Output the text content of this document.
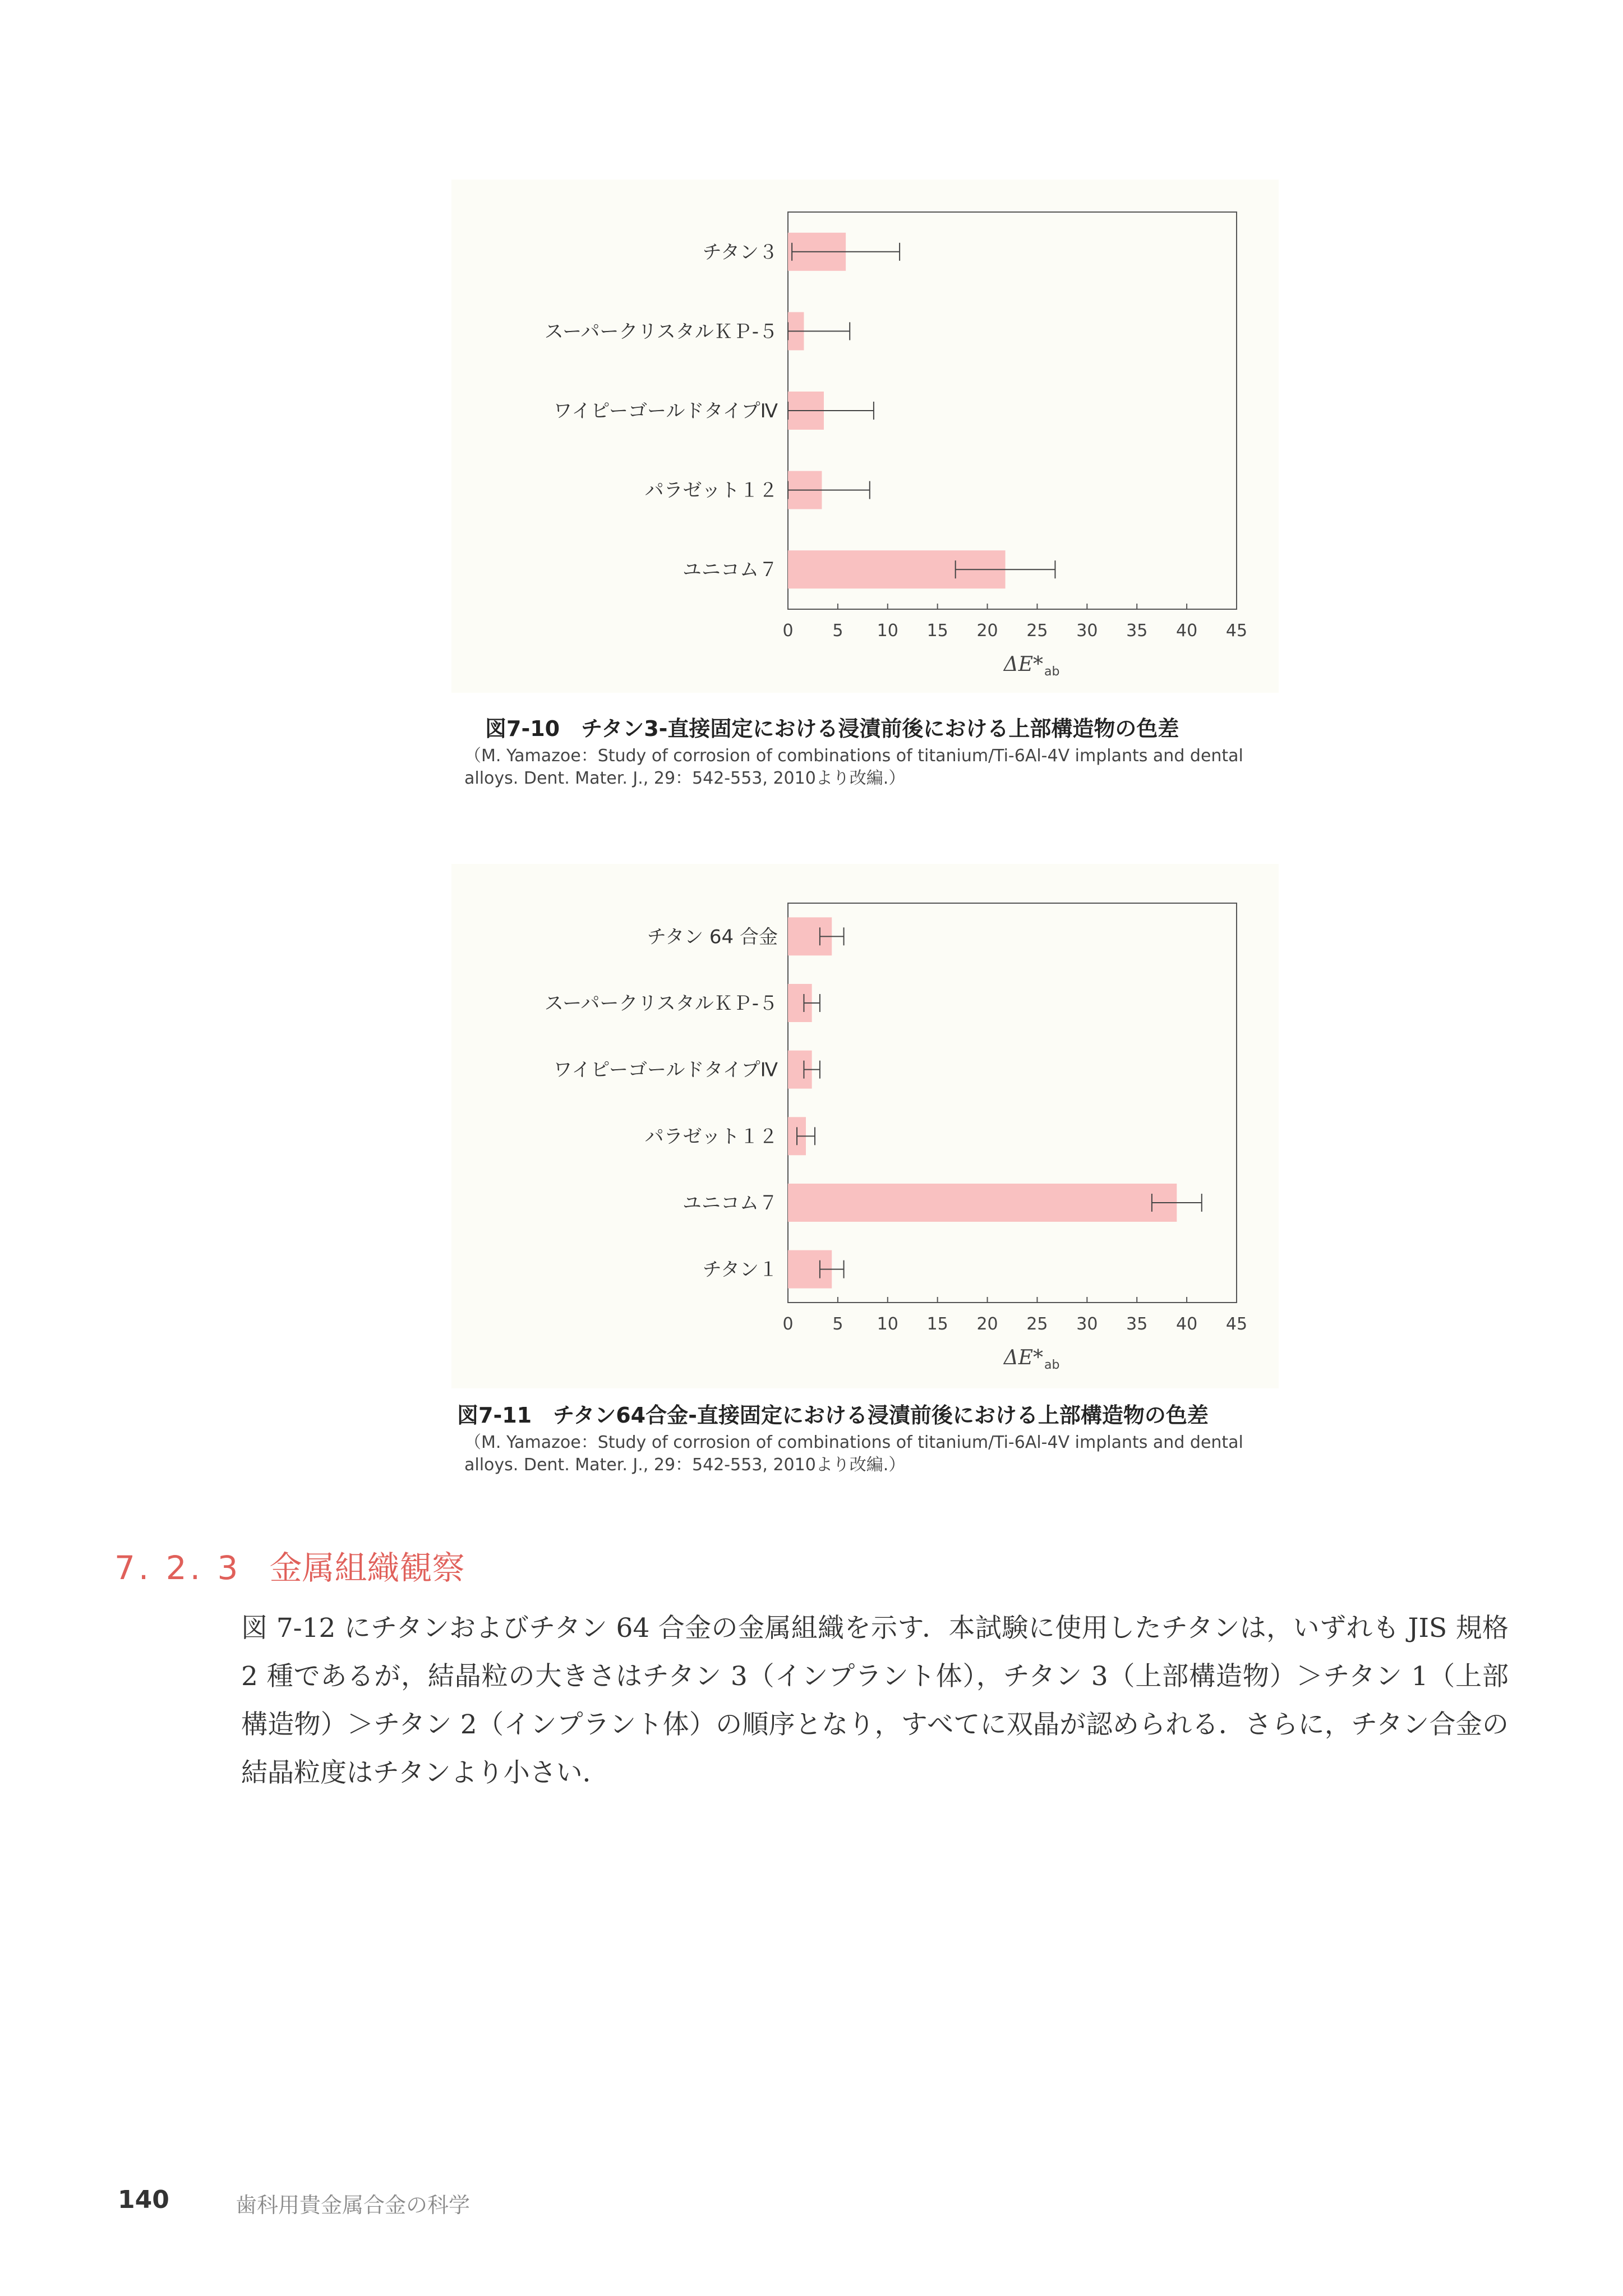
チタン３
スーパークリスタルＫＰ-５
ワイピーゴールドタイプⅣ
パラゼット１２
ユニコム７
0 5 10 15 20 25 30 35 40 45
ΔE* ab
図7-10　チタン3-直接固定における浸漬前後における上部構造物の色差
（M. Yamazoe：Study of corrosion of combinations of titanium/Ti-6Al-4V implants and dental alloys. Dent. Mater. J., 29：542-553, 2010より改編.）
チタン 64 合金
スーパークリスタルＫＰ-５
ワイピーゴールドタイプⅣ
パラゼット１２
ユニコム７
チタン１
0 5 10 15 20 25 30 35 40 45
ΔE* ab
図7-11　チタン64合金-直接固定における浸漬前後における上部構造物の色差
（M. Yamazoe：Study of corrosion of combinations of titanium/Ti-6Al-4V implants and dental alloys. Dent. Mater. J., 29：542-553, 2010より改編.）
7. 2. 3 金属組織観察
図 7-12 にチタンおよびチタン 64 合金の金属組織を示す．本試験に使用したチタンは，いずれも JIS 規格 2 種であるが，結晶粒の大きさはチタン 3（インプラント体），チタン 3（上部構造物）＞チタン 1（上部構造物）＞チタン 2（インプラント体）の順序となり，すべてに双晶が認められる．さらに，チタン合金の結晶粒度はチタンより小さい．
140	歯科用貴金属合金の科学
